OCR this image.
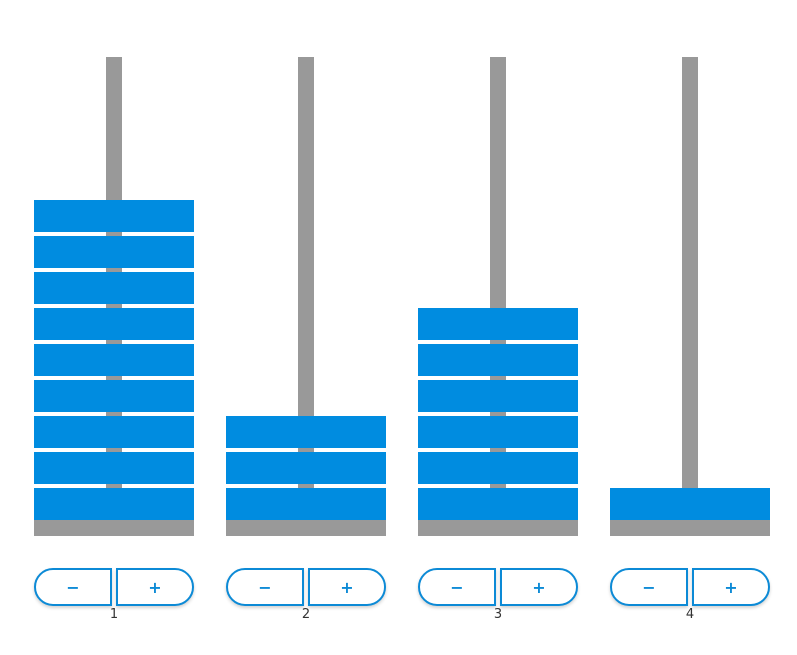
−	+
1
−	+
2
−	+
3
−	+
4
